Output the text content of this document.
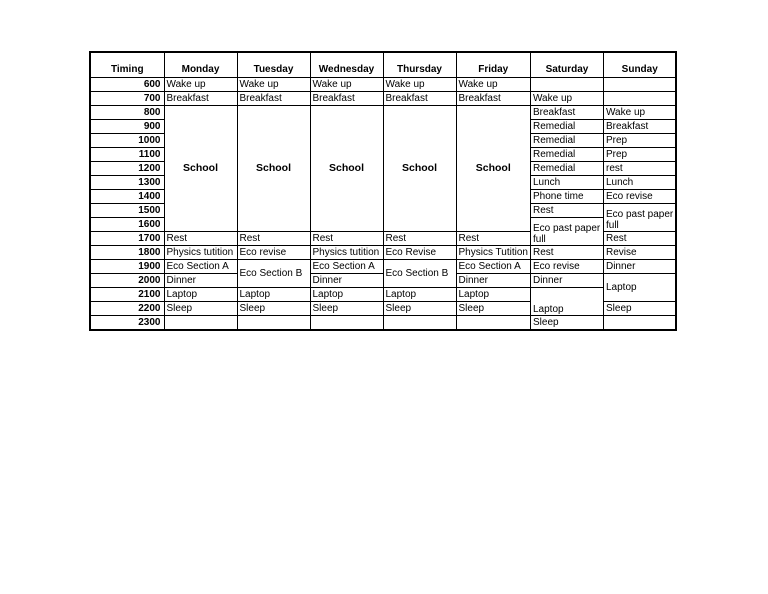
Timing	Monday	Tuesday	Wednesday	Thursday	Friday	Saturday	Sunday
600	Wake up	Wake up	Wake up	Wake up	Wake up		
700	Breakfast	Breakfast	Breakfast	Breakfast	Breakfast	Wake up	
800	School	School	School	School	School	Breakfast	Wake up
900						Remedial	Breakfast
1000						Remedial	Prep
1100						Remedial	Prep
1200						Remedial	rest
1300						Lunch	Lunch
1400						Phone time	Eco revise
1500						Rest	Eco past paper full
1600						Eco past paper full	
1700	Rest	Rest	Rest	Rest	Rest		Rest
1800	Physics tutition	Eco revise	Physics tutition	Eco Revise	Physics Tutition	Rest	Revise
1900	Eco Section A	Eco Section B	Eco Section A	Eco Section B	Eco Section A	Eco revise	Dinner
2000	Dinner		Dinner		Dinner	Dinner	Laptop
2100	Laptop	Laptop	Laptop	Laptop	Laptop	Laptop	
2200	Sleep	Sleep	Sleep	Sleep	Sleep		Sleep
2300						Sleep	
